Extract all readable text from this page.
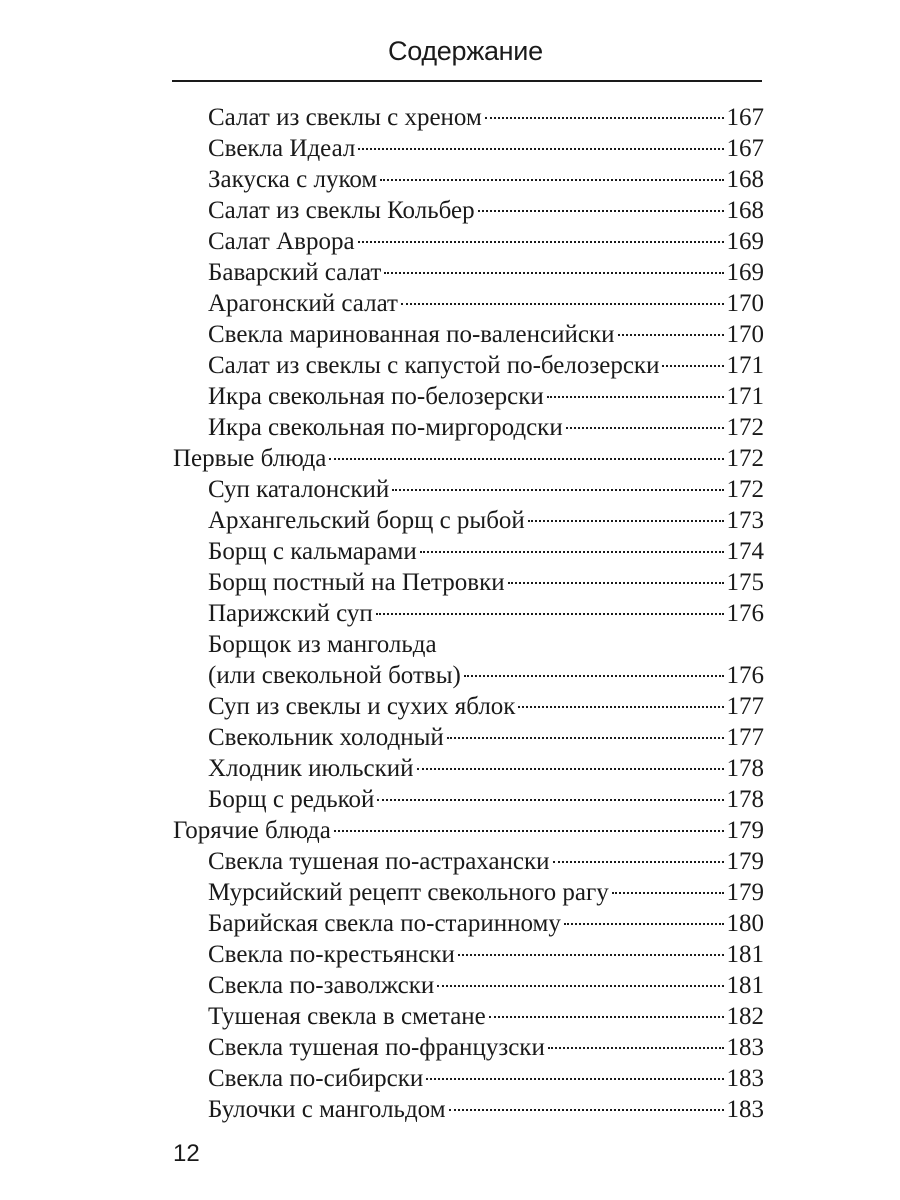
Содержание
Салат из свеклы с хреном	167
Свекла Идеал	167
Закуска с луком	168
Салат из свеклы Кольбер	168
Салат Аврора	169
Баварский салат	169
Арагонский салат	170
Свекла маринованная по-валенсийски	170
Салат из свеклы с капустой по-белозерски	171
Икра свекольная по-белозерски	171
Икра свекольная по-миргородски	172
Первые блюда	172
Суп каталонский	172
Архангельский борщ с рыбой	173
Борщ с кальмарами	174
Борщ постный на Петровки	175
Парижский суп	176
Борщок из мангольда
(или свекольной ботвы)	176
Суп из свеклы и сухих яблок	177
Свекольник холодный	177
Хлодник июльский	178
Борщ с редькой	178
Горячие блюда	179
Свекла тушеная по-астрахански	179
Мурсийский рецепт свекольного рагу	179
Барийская свекла по-старинному	180
Свекла по-крестьянски	181
Свекла по-заволжски	181
Тушеная свекла в сметане	182
Свекла тушеная по-французски	183
Свекла по-сибирски	183
Булочки с мангольдом	183
12
